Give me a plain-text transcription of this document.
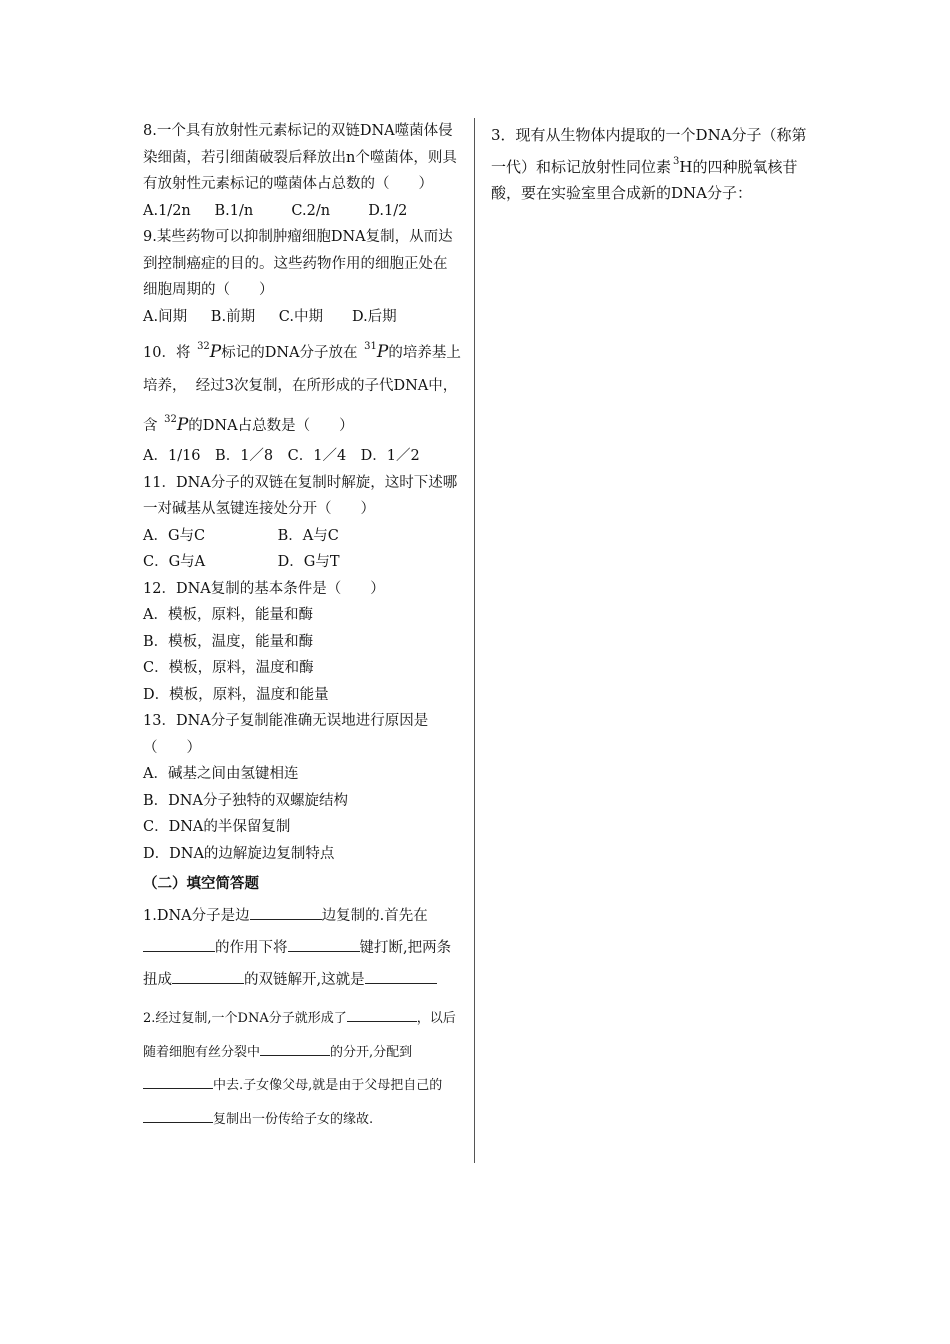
8.一个具有放射性元素标记的双链DNA噬菌体侵染细菌，若引细菌破裂后释放出n个噬菌体，则具有放射性元素标记的噬菌体占总数的（　　）

A.1/2n　  B.1/n　　  C.2/n　　  D.1/2

9.某些药物可以抑制肿瘤细胞DNA复制，从而达到控制癌症的目的。这些药物作用的细胞正处在细胞周期的（　　）

A.间期　  B.前期　  C.中期　　D.后期

10．将 $^{32}$P标记的DNA分子放在 $^{31}$P的培养基上培养，  经过3次复制，在所形成的子代DNA中，含 $^{32}$P的DNA占总数是（　　）

A．1/16　B．1／8　C．1／4　D．1／2

11．DNA分子的双链在复制时解旋，这时下述哪一对碱基从氢键连接处分开（　　）

A．G与C　　　　　B．A与C

C．G与A　　　　　D．G与T

12．DNA复制的基本条件是（　　）

A．模板，原料，能量和酶

B．模板，温度，能量和酶

C．模板，原料，温度和酶

D．模板，原料，温度和能量

13．DNA分子复制能准确无误地进行原因是（　　）

A．碱基之间由氢键相连

B．DNA分子独特的双螺旋结构

C．DNA的半保留复制

D．DNA的边解旋边复制特点

（二）填空简答题

1.DNA分子是边	边复制的.首先在的作用下将	键打断,把两条扭成	的双链解开,这就是

2.经过复制,一个DNA分子就形成了	，以后随着细胞有丝分裂中	的分开,分配到中去.子女像父母,就是由于父母把自己的复制出一份传给子女的缘故.

3．现有从生物体内提取的一个DNA分子（称第一代）和标记放射性同位素 $^3$H的四种脱氧核苷酸，要在实验室里合成新的DNA分子：
